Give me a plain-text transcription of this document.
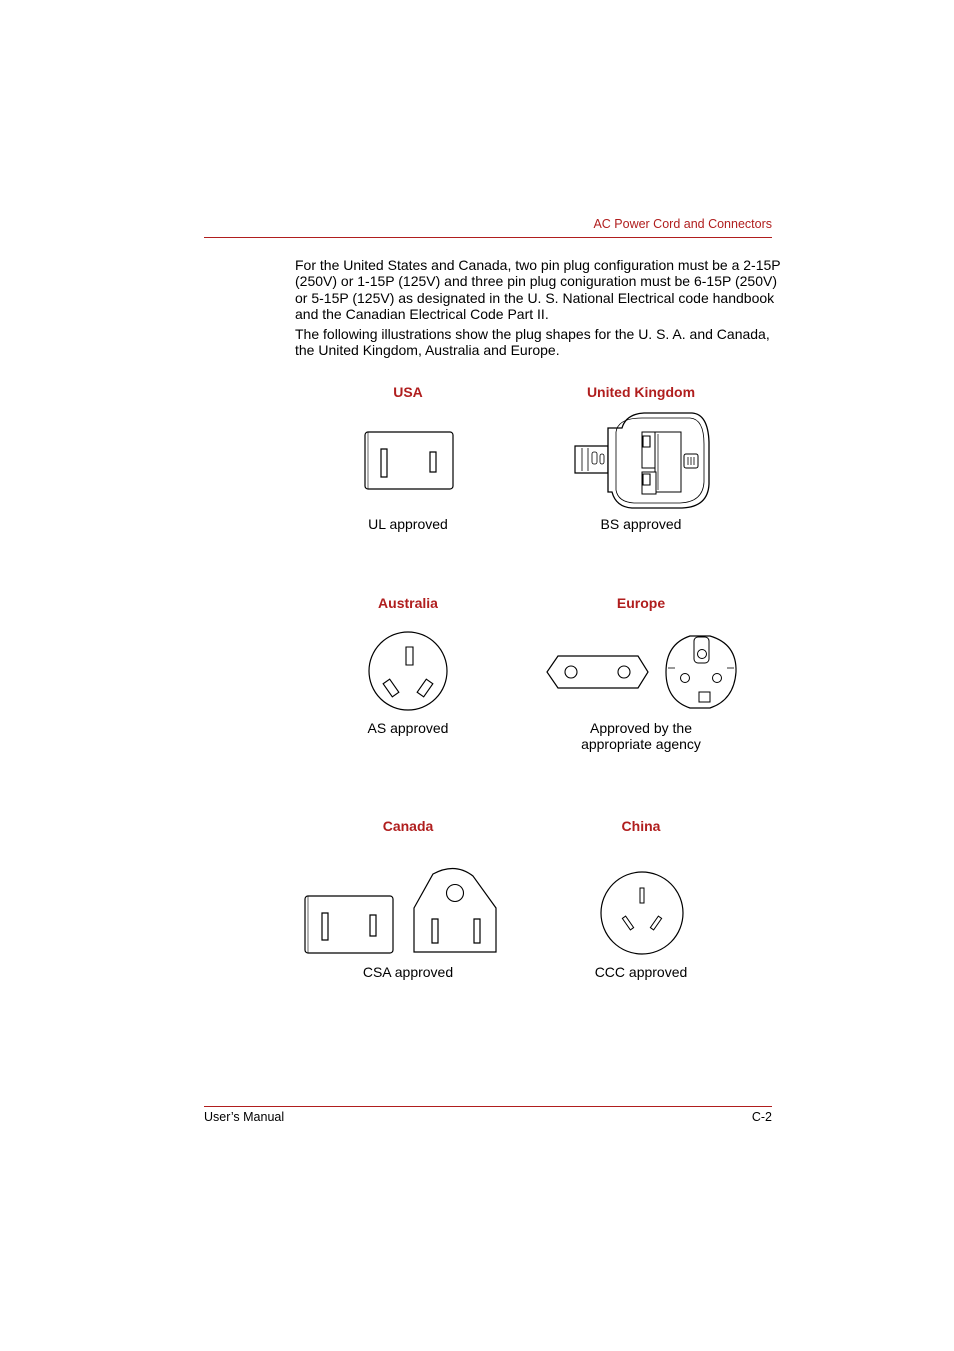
AC Power Cord and Connectors
For the United States and Canada, two pin plug configuration must be a 2-15P (250V) or 1-15P (125V) and three pin plug coniguration must be 6-15P (250V) or 5-15P (125V) as designated in the U. S. National Electrical code handbook and the Canadian Electrical Code Part II.
The following illustrations show the plug shapes for the U. S. A. and Canada, the United Kingdom, Australia and Europe.
USA
UL approved
United Kingdom
BS approved
Australia
AS approved
Europe
Approved by the
appropriate agency
Canada
CSA approved
China
CCC approved
User’s Manual	C-2
